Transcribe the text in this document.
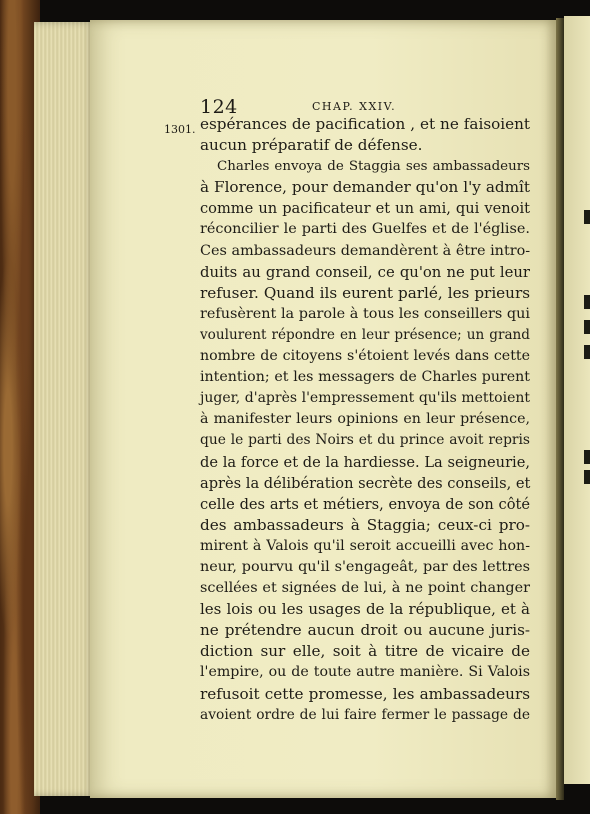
124	CHAP. XXIV.
1301. espérances de pacification , et ne faisoient
aucun préparatif de défense.
Charles envoya de Staggia ses ambassadeurs
à Florence, pour demander qu'on l'y admît
comme un pacificateur et un ami, qui venoit
réconcilier le parti des Guelfes et de l'église.
Ces ambassadeurs demandèrent à être intro-
duits au grand conseil, ce qu'on ne put leur
refuser. Quand ils eurent parlé, les prieurs
refusèrent la parole à tous les conseillers qui
voulurent répondre en leur présence; un grand
nombre de citoyens s'étoient levés dans cette
intention; et les messagers de Charles purent
juger, d'après l'empressement qu'ils mettoient
à manifester leurs opinions en leur présence,
que le parti des Noirs et du prince avoit repris
de la force et de la hardiesse. La seigneurie,
après la délibération secrète des conseils, et
celle des arts et métiers, envoya de son côté
des ambassadeurs à Staggia; ceux-ci pro-
mirent à Valois qu'il seroit accueilli avec hon-
neur, pourvu qu'il s'engageât, par des lettres
scellées et signées de lui, à ne point changer
les lois ou les usages de la république, et à
ne prétendre aucun droit ou aucune juris-
diction sur elle, soit à titre de vicaire de
l'empire, ou de toute autre manière. Si Valois
refusoit cette promesse, les ambassadeurs
avoient ordre de lui faire fermer le passage de
